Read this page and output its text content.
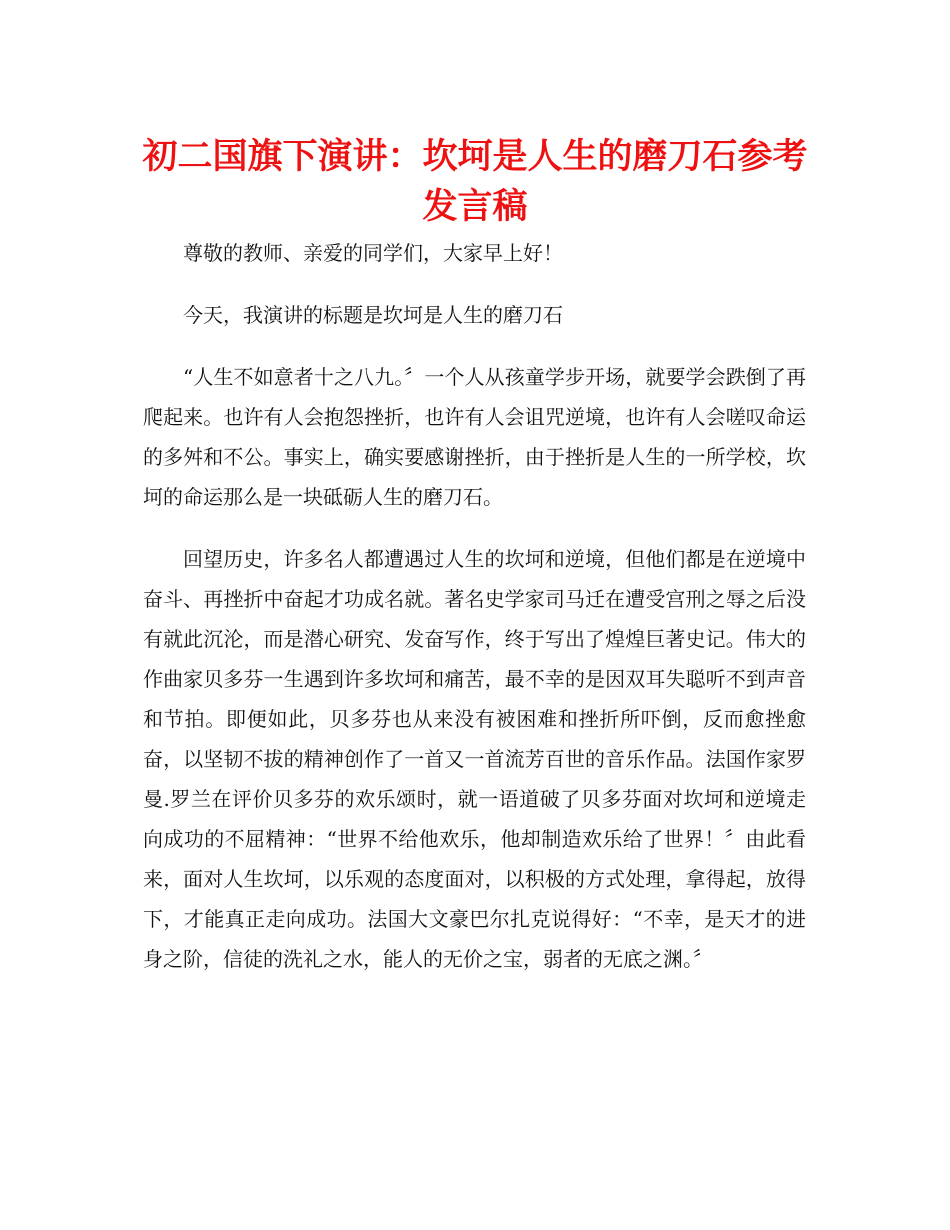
初二国旗下演讲：坎坷是人生的磨刀石参考发言稿

尊敬的教师、亲爱的同学们，大家早上好！

今天，我演讲的标题是坎坷是人生的磨刀石

“人生不如意者十之八九。〞一个人从孩童学步开场，就要学会跌倒了再爬起来。也许有人会抱怨挫折，也许有人会诅咒逆境，也许有人会嗟叹命运的多舛和不公。事实上，确实要感谢挫折，由于挫折是人生的一所学校，坎坷的命运那么是一块砥砺人生的磨刀石。

回望历史，许多名人都遭遇过人生的坎坷和逆境，但他们都是在逆境中奋斗、再挫折中奋起才功成名就。著名史学家司马迁在遭受宫刑之辱之后没有就此沉沦，而是潜心研究、发奋写作，终于写出了煌煌巨著史记。伟大的作曲家贝多芬一生遇到许多坎坷和痛苦，最不幸的是因双耳失聪听不到声音和节拍。即便如此，贝多芬也从来没有被困难和挫折所吓倒，反而愈挫愈奋，以坚韧不拔的精神创作了一首又一首流芳百世的音乐作品。法国作家罗曼.罗兰在评价贝多芬的欢乐颂时，就一语道破了贝多芬面对坎坷和逆境走向成功的不屈精神：“世界不给他欢乐，他却制造欢乐给了世界！〞由此看来，面对人生坎坷，以乐观的态度面对，以积极的方式处理，拿得起，放得下，才能真正走向成功。法国大文豪巴尔扎克说得好：“不幸，是天才的进身之阶，信徒的洗礼之水，能人的无价之宝，弱者的无底之渊。〞
